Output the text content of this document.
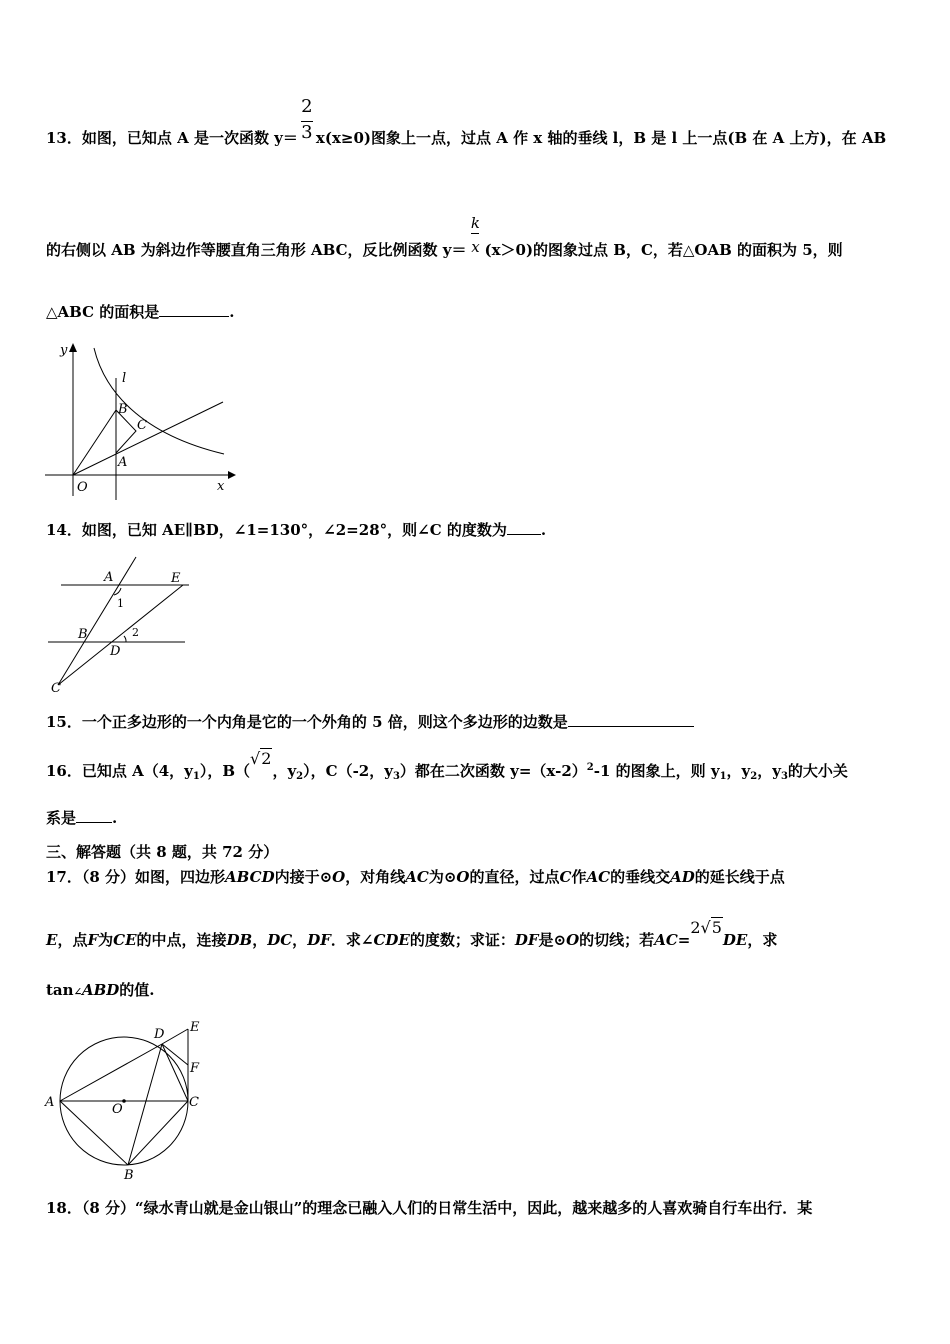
13．如图，已知点 A 是一次函数 $y= \frac{2}{3} x(x\ge 0)$图象上一点，过点 A 作 x 轴的垂线 l，B 是 l 上一点(B 在 A 上方)，在 AB
的右侧以 AB 为斜边作等腰直角三角形 ABC，反比例函数 $y= \frac{k}{x} (x>0)$的图象过点 B，C，若△OAB 的面积为 5，则
△ABC 的面积是	.
y
l
B
C
A
O	x
14．如图，已知 AE∥BD，∠1=130°，∠2=28°，则∠C 的度数为 .
A	E
1
B	2
D
C
15．一个正多边形的一个内角是它的一个外角的 5 倍，则这个多边形的边数是
16．已知点 A（4，$y_1$），B（√2，$y_2$），C（-2，$y_3$）都在二次函数 $y=(x-2)^2-1$ 的图象上，则 $y_1$，$y_2$，$y_3$的大小关
系是 .
三、解答题（共 8 题，共 72 分）
17．（8 分）如图，四边形ABCD内接于⊙O，对角线AC为⊙O的直径，过点C作AC的垂线交AD的延长线于点
E，点F为CE的中点，连接DB，DC，DF．求∠CDE的度数；求证：DF是⊙O的切线；若AC=2√5DE，求
tan∠ABD的值.
D E
F
A	O	C
B
18．（8 分）“绿水青山就是金山银山”的理念已融入人们的日常生活中，因此，越来越多的人喜欢骑自行车出行．某
